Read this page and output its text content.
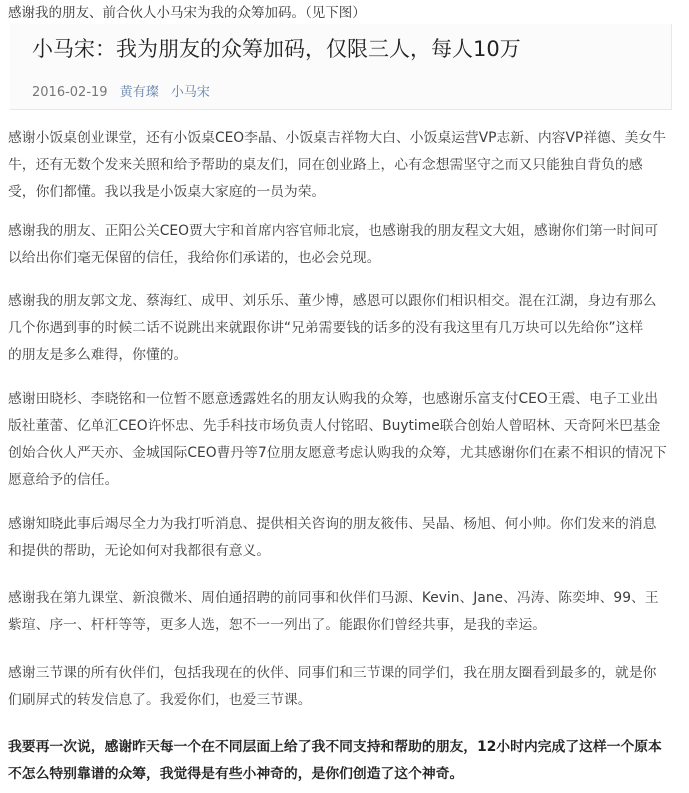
感谢我的朋友、前合伙人小马宋为我的众筹加码。（见下图）
小马宋：我为朋友的众筹加码，仅限三人，每人10万
2016-02-19 黄有璨 小马宋

感谢小饭桌创业课堂，还有小饭桌CEO李晶、小饭桌吉祥物大白、小饭桌运营VP志新、内容VP祥德、美女牛
牛，还有无数个发来关照和给予帮助的桌友们，同在创业路上，心有念想需坚守之而又只能独自背负的感
受，你们都懂。我以我是小饭桌大家庭的一员为荣。

感谢我的朋友、正阳公关CEO贾大宇和首席内容官师北宸，也感谢我的朋友程文大姐，感谢你们第一时间可
以给出你们毫无保留的信任，我给你们承诺的，也必会兑现。

感谢我的朋友郭文龙、蔡海红、成甲、刘乐乐、董少博，感恩可以跟你们相识相交。混在江湖，身边有那么
几个你遇到事的时候二话不说跳出来就跟你讲“兄弟需要钱的话多的没有我这里有几万块可以先给你”这样
的朋友是多么难得，你懂的。

感谢田晓杉、李晓铭和一位暂不愿意透露姓名的朋友认购我的众筹，也感谢乐富支付CEO王震、电子工业出
版社董蕾、亿单汇CEO许怀忠、先手科技市场负责人付铭昭、Buytime联合创始人曾昭林、天奇阿米巴基金
创始合伙人严天亦、金城国际CEO曹丹等7位朋友愿意考虑认购我的众筹，尤其感谢你们在素不相识的情况下
愿意给予的信任。

感谢知晓此事后竭尽全力为我打听消息、提供相关咨询的朋友筱伟、吴晶、杨旭、何小帅。你们发来的消息
和提供的帮助，无论如何对我都很有意义。

感谢我在第九课堂、新浪微米、周伯通招聘的前同事和伙伴们马源、Kevin、Jane、冯涛、陈奕坤、99、王
紫瑄、序一、杆杆等等，更多人选，恕不一一列出了。能跟你们曾经共事，是我的幸运。

感谢三节课的所有伙伴们，包括我现在的伙伴、同事们和三节课的同学们，我在朋友圈看到最多的，就是你
们刷屏式的转发信息了。我爱你们，也爱三节课。

我要再一次说，感谢昨天每一个在不同层面上给了我不同支持和帮助的朋友，12小时内完成了这样一个原本
不怎么特别靠谱的众筹，我觉得是有些小神奇的，是你们创造了这个神奇。
